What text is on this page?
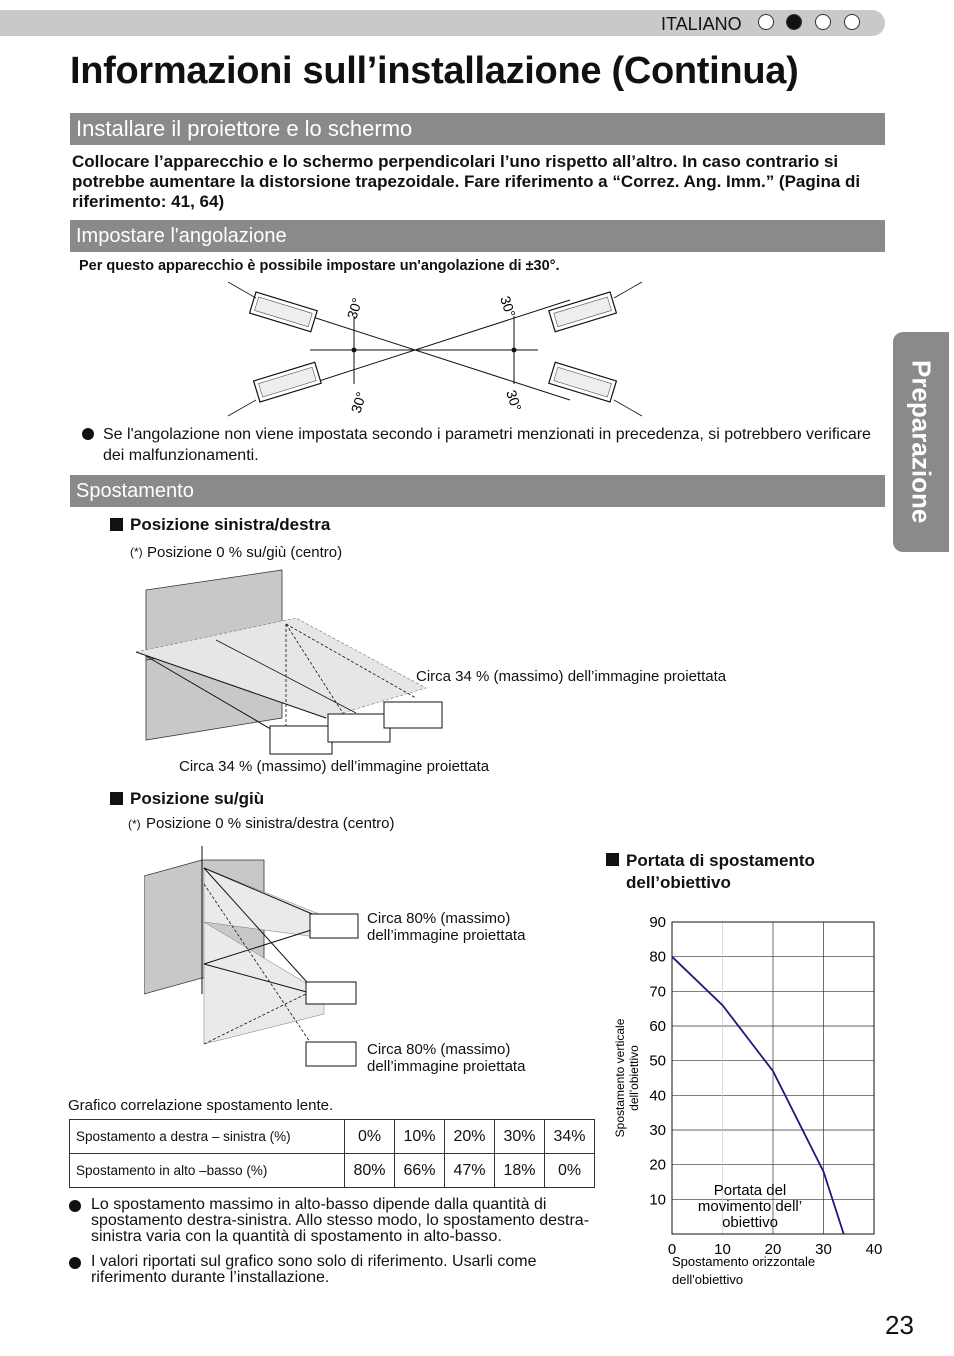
ITALIANO
Informazioni sull’installazione (Continua)
Preparazione
Installare il proiettore e lo schermo
Collocare l’apparecchio e lo schermo perpendicolari l’uno rispetto all’altro. In caso contrario si potrebbe aumentare la distorsione trapezoidale. Fare riferimento a “Correz. Ang. Imm.” (Pagina di riferimento: 41, 64)
Impostare l'angolazione
Per questo apparecchio è possibile impostare un'angolazione di ±30°.
30°	30°
30°	30°
Se l'angolazione non viene impostata secondo i parametri menzionati in precedenza, si potrebbero verificare dei malfunzionamenti.
Spostamento
Posizione sinistra/destra
(*) Posizione 0 % su/giù (centro)
Circa 34 % (massimo) dell’immagine proiettata
Circa 34 % (massimo) dell’immagine proiettata
Posizione su/giù
(*) Posizione 0 % sinistra/destra (centro)
Circa 80% (massimo)
dell’immagine proiettata
Circa 80% (massimo)
dell’immagine proiettata
Grafico correlazione spostamento lente.
Spostamento a destra – sinistra (%)	0%	10%	20%	30%	34%
Spostamento in alto –basso (%)	80%	66%	47%	18%	0%
Lo spostamento massimo in alto-basso dipende dalla quantità di spostamento destra-sinistra. Allo stesso modo, lo spostamento destra-sinistra varia con la quantità di spostamento in alto-basso.
I valori riportati sul grafico sono solo di riferimento. Usarli come riferimento durante l’installazione.
Portata di spostamento dell’obiettivo
10
20
30
40
50
60
70
80
90
0	10 20 30 40
Spostamento verticaledell'obiettivo
Portata del movimento dell’ obiettivo
Spostamento orizzontale dell'obiettivo
23
